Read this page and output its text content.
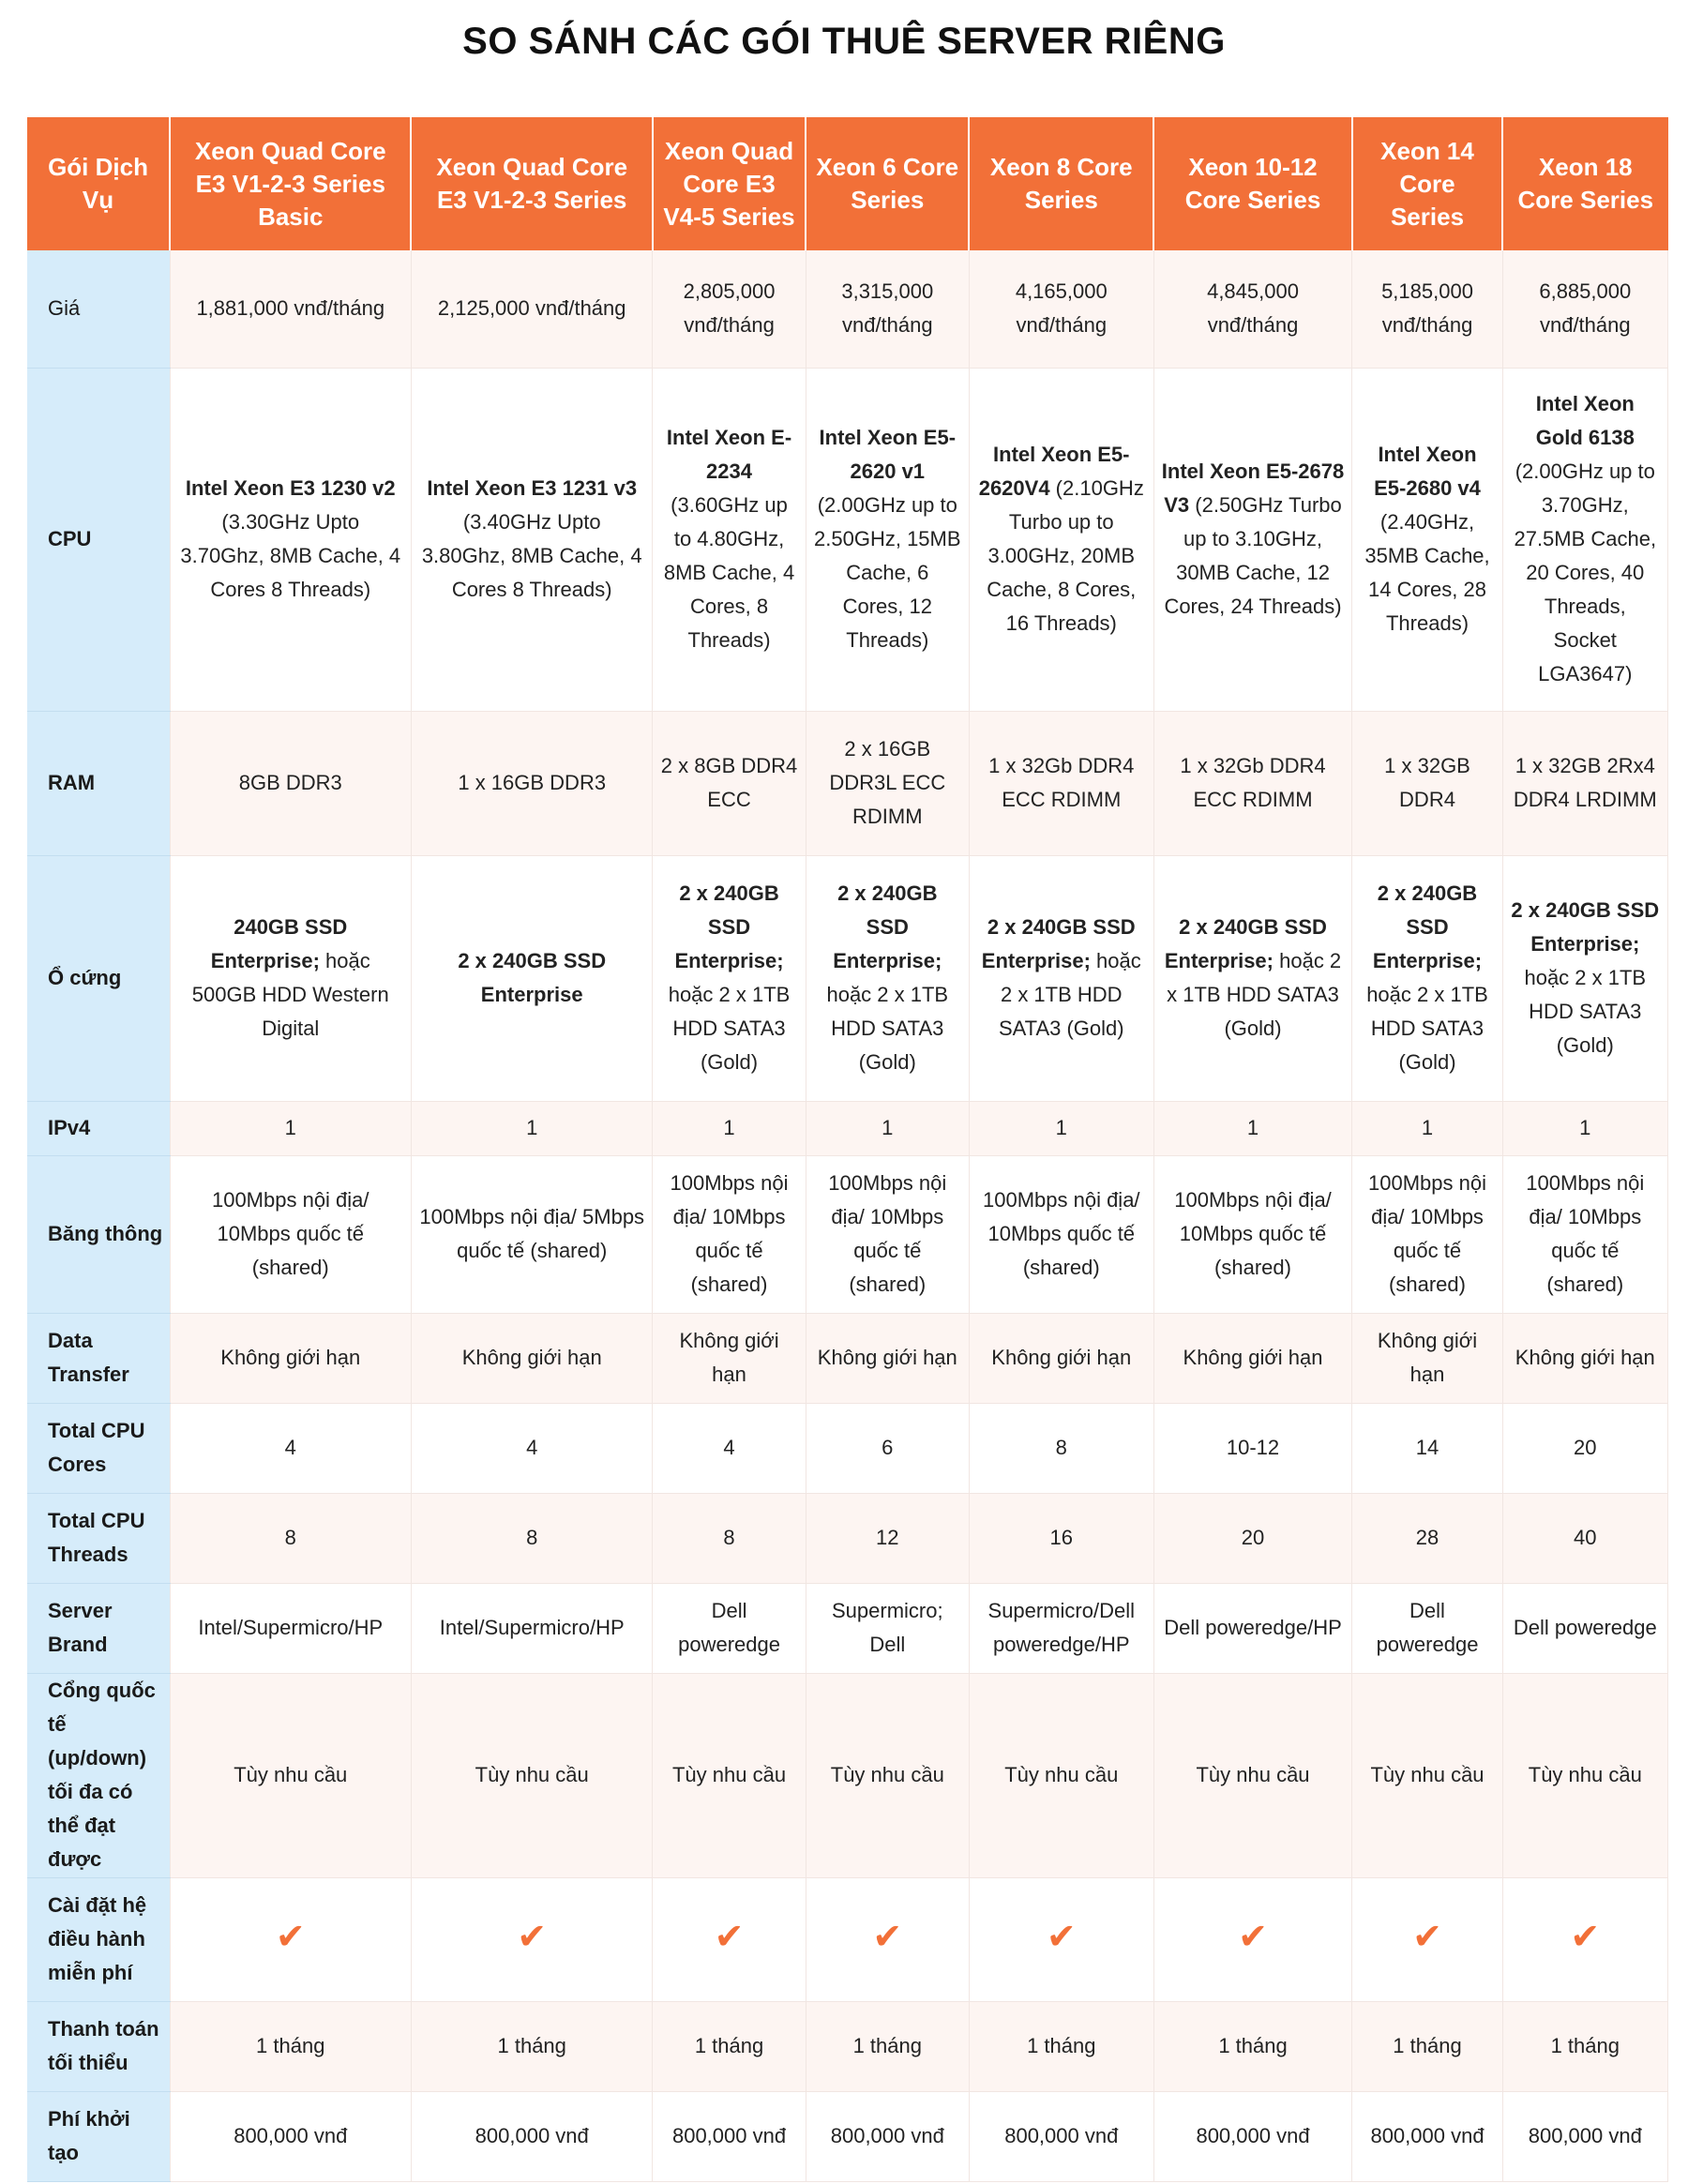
SO SÁNH CÁC GÓI THUÊ SERVER RIÊNG
Gói Dịch Vụ	Xeon Quad Core E3 V1-2-3 Series Basic	Xeon Quad Core E3 V1-2-3 Series	Xeon Quad Core E3 V4-5 Series	Xeon 6 Core Series	Xeon 8 Core Series	Xeon 10-12 Core Series	Xeon 14 Core Series	Xeon 18 Core Series
Giá	1,881,000 vnđ/tháng	2,125,000 vnđ/tháng	2,805,000 vnđ/tháng	3,315,000 vnđ/tháng	4,165,000 vnđ/tháng	4,845,000 vnđ/tháng	5,185,000 vnđ/tháng	6,885,000 vnđ/tháng
CPU	Intel Xeon E3 1230 v2 (3.30GHz Upto 3.70Ghz, 8MB Cache, 4 Cores 8 Threads)	Intel Xeon E3 1231 v3 (3.40GHz Upto 3.80Ghz, 8MB Cache, 4 Cores 8 Threads)	Intel Xeon E-2234 (3.60GHz up to 4.80GHz, 8MB Cache, 4 Cores, 8 Threads)	Intel Xeon E5-2620 v1 (2.00GHz up to 2.50GHz, 15MB Cache, 6 Cores, 12 Threads)	Intel Xeon E5-2620V4 (2.10GHz Turbo up to 3.00GHz, 20MB Cache, 8 Cores, 16 Threads)	Intel Xeon E5-2678 V3 (2.50GHz Turbo up to 3.10GHz, 30MB Cache, 12 Cores, 24 Threads)	Intel Xeon E5-2680 v4 (2.40GHz, 35MB Cache, 14 Cores, 28 Threads)	Intel Xeon Gold 6138 (2.00GHz up to 3.70GHz, 27.5MB Cache, 20 Cores, 40 Threads, Socket LGA3647)
RAM	8GB DDR3	1 x 16GB DDR3	2 x 8GB DDR4 ECC	2 x 16GB DDR3L ECC RDIMM	1 x 32Gb DDR4 ECC RDIMM	1 x 32Gb DDR4 ECC RDIMM	1 x 32GB DDR4	1 x 32GB 2Rx4 DDR4 LRDIMM
Ổ cứng	240GB SSD Enterprise; hoặc 500GB HDD Western Digital	2 x 240GB SSD Enterprise	2 x 240GB SSD Enterprise; hoặc 2 x 1TB HDD SATA3 (Gold)	2 x 240GB SSD Enterprise; hoặc 2 x 1TB HDD SATA3 (Gold)	2 x 240GB SSD Enterprise; hoặc 2 x 1TB HDD SATA3 (Gold)	2 x 240GB SSD Enterprise; hoặc 2 x 1TB HDD SATA3 (Gold)	2 x 240GB SSD Enterprise; hoặc 2 x 1TB HDD SATA3 (Gold)	2 x 240GB SSD Enterprise; hoặc 2 x 1TB HDD SATA3 (Gold)
IPv4	1	1	1	1	1	1	1	1
Băng thông	100Mbps nội địa/ 10Mbps quốc tế (shared)	100Mbps nội địa/ 5Mbps quốc tế (shared)	100Mbps nội địa/ 10Mbps quốc tế (shared)	100Mbps nội địa/ 10Mbps quốc tế (shared)	100Mbps nội địa/ 10Mbps quốc tế (shared)	100Mbps nội địa/ 10Mbps quốc tế (shared)	100Mbps nội địa/ 10Mbps quốc tế (shared)	100Mbps nội địa/ 10Mbps quốc tế (shared)
Data Transfer	Không giới hạn	Không giới hạn	Không giới hạn	Không giới hạn	Không giới hạn	Không giới hạn	Không giới hạn	Không giới hạn
Total CPU Cores	4	4	4	6	8	10-12	14	20
Total CPU Threads	8	8	8	12	16	20	28	40
Server Brand	Intel/Supermicro/HP	Intel/Supermicro/HP	Dell poweredge	Supermicro; Dell	Supermicro/Dell poweredge/HP	Dell poweredge/HP	Dell poweredge	Dell poweredge
Cổng quốc tế (up/down) tối đa có thể đạt được	Tùy nhu cầu	Tùy nhu cầu	Tùy nhu cầu	Tùy nhu cầu	Tùy nhu cầu	Tùy nhu cầu	Tùy nhu cầu	Tùy nhu cầu
Cài đặt hệ điều hành miễn phí	✔	✔	✔	✔	✔	✔	✔	✔
Thanh toán tối thiểu	1 tháng	1 tháng	1 tháng	1 tháng	1 tháng	1 tháng	1 tháng	1 tháng
Phí khởi tạo	800,000 vnđ	800,000 vnđ	800,000 vnđ	800,000 vnđ	800,000 vnđ	800,000 vnđ	800,000 vnđ	800,000 vnđ
